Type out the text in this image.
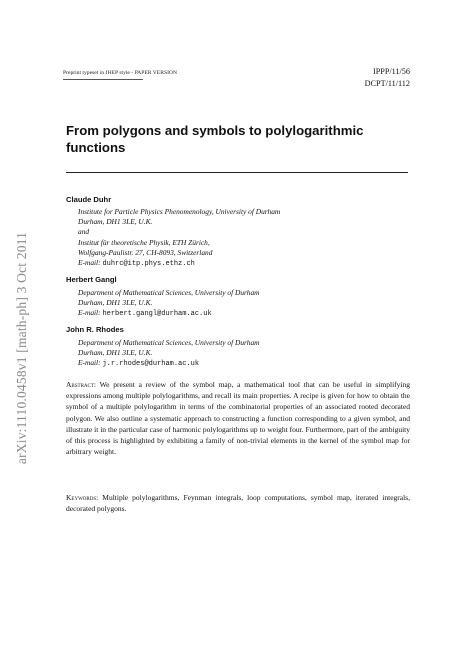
arXiv:1110.0458v1 [math-ph] 3 Oct 2011
Preprint typeset in JHEP style - PAPER VERSION	IPPP/11/56
DCPT/11/112
From polygons and symbols to polylogarithmic
functions
Claude Duhr
Institute for Particle Physics Phenomenology, University of Durham
Durham, DH1 3LE, U.K.
and
Institut für theoretische Physik, ETH Zürich,
Wolfgang-Paulistr. 27, CH-8093, Switzerland
E-mail: duhrc@itp.phys.ethz.ch
Herbert Gangl
Department of Mathematical Sciences, University of Durham
Durham, DH1 3LE, U.K.
E-mail: herbert.gangl@durham.ac.uk
John R. Rhodes
Department of Mathematical Sciences, University of Durham
Durham, DH1 3LE, U.K.
E-mail: j.r.rhodes@durham.ac.uk
Abstract: We present a review of the symbol map, a mathematical tool that can be useful in simplifying expressions among multiple polylogarithms, and recall its main properties. A recipe is given for how to obtain the symbol of a multiple polylogarithm in terms of the combinatorial properties of an associated rooted decorated polygon. We also outline a systematic approach to constructing a function corresponding to a given symbol, and illustrate it in the particular case of harmonic polylogarithms up to weight four. Furthermore, part of the ambiguity of this process is highlighted by exhibiting a family of non-trivial elements in the kernel of the symbol map for arbitrary weight.
Keywords: Multiple polylogarithms, Feynman integrals, loop computations, symbol map, iterated integrals, decorated polygons.
